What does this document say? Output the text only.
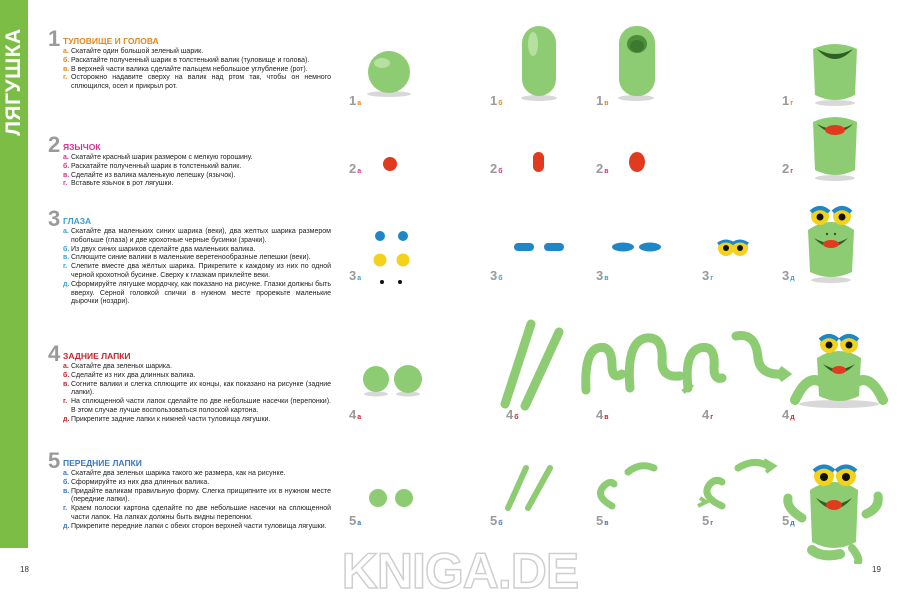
ЛЯГУШКА 1 ТУЛОВИЩЕ И ГОЛОВА
а. Скатайте один большой зеленый шарик.
б. Раскатайте полученный шарик в толстенький валик (туловище и голова).
в. В верхней части валика сделайте пальцем небольшое углубление (рот).
г. Осторожно надавите сверху на валик над ртом так, чтобы он немного сплющился, осел и прикрыл рот.
2 ЯЗЫЧОК
а. Скатайте красный шарик размером с мелкую горошину.
б. Раскатайте полученный шарик в толстенький валик.
в. Сделайте из валика маленькую лепешку (язычок).
г. Вставьте язычок в рот лягушки.
3 ГЛАЗА
а. Скатайте два маленьких синих шарика (веки), два желтых шарика размером побольше (глаза) и две крохотные черные бусинки (зрачки).
б. Из двух синих шариков сделайте два маленьких валика.
в. Сплющите синие валики в маленькие веретенообразные лепешки (веки).
г. Слепите вместе два жёлтых шарика. Прикрепите к каждому из них по одной черной крохотной бусинке. Сверху к глазкам приклейте веки.
д. Сформируйте лягушке мордочку, как показано на рисунке. Глазки должны быть вверху. Серной головкой спички в нужном месте прорежьте маленькие дырочки (ноздри).
4 ЗАДНИЕ ЛАПКИ
а. Скатайте два зеленых шарика.
б. Сделайте из них два длинных валика.
в. Согните валики и слегка сплющите их концы, как показано на рисунке (задние лапки).
г. На сплющенной части лапок сделайте по две небольшие насечки (перепонки). В этом случае лучше воспользоваться полоской картона.
д. Прикрепите задние лапки к нижней части туловища лягушки.
5 ПЕРЕДНИЕ ЛАПКИ
а. Скатайте два зеленых шарика такого же размера, как на рисунке.
б. Сформируйте из них два длинных валика.
в. Придайте валикам правильную форму. Слегка прищипните их в нужном месте (передние лапки).
г. Краем полоски картона сделайте по две небольшие насечки на сплющенной части лапок. На лапках должны быть видны перепонки.
д. Прикрепите передние лапки с обеих сторон верхней части туловища лягушки.
1а	1б	1в	1г
2а	2б	2в	2г
3а	3б	3в	3г	3д
4а	4б	4в	4г	4д
5а	5б	5в	5г	5д
18	19
KNIGA.DE
